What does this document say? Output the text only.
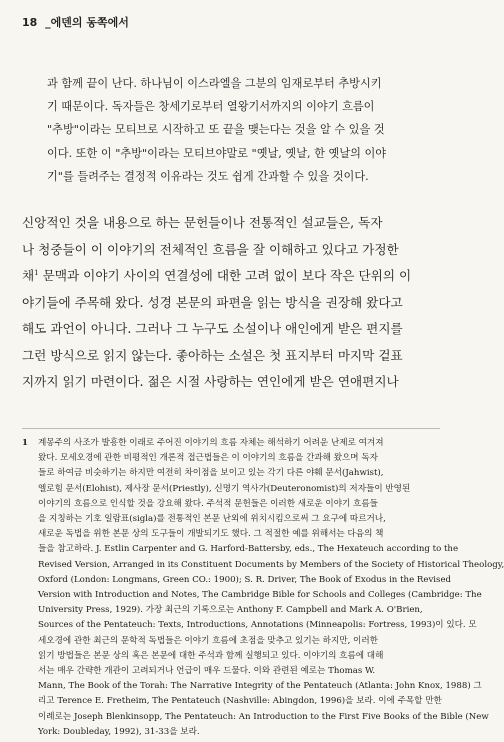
18 _에덴의 동쪽에서
과 함께 끝이 난다. 하나님이 이스라엘을 그분의 임재로부터 추방시키
기 때문이다. 독자들은 창세기로부터 열왕기서까지의 이야기 흐름이
"추방"이라는 모티브로 시작하고 또 끝을 맺는다는 것을 알 수 있을 것
이다. 또한 이 "추방"이라는 모티브야말로 "옛날, 옛날, 한 옛날의 이야
기"를 들려주는 결정적 이유라는 것도 쉽게 간과할 수 있을 것이다.
신앙적인 것을 내용으로 하는 문헌들이나 전통적인 설교들은, 독자
나 청중들이 이 이야기의 전체적인 흐름을 잘 이해하고 있다고 가정한
채$^1$ 문맥과 이야기 사이의 연결성에 대한 고려 없이 보다 작은 단위의 이
야기들에 주목해 왔다. 성경 본문의 파편을 읽는 방식을 권장해 왔다고
해도 과언이 아니다. 그러나 그 누구도 소설이나 애인에게 받은 편지를
그런 방식으로 읽지 않는다. 좋아하는 소설은 첫 표지부터 마지막 겉표
지까지 읽기 마련이다. 젊은 시절 사랑하는 연인에게 받은 연애편지나
1 계몽주의 사조가 발흥한 이래로 주어진 이야기의 흐름 자체는 해석하기 어려운 난제로 여겨져
왔다. 모세오경에 관한 비평적인 개론적 접근법들은 이 이야기의 흐름을 간과해 왔으며 독자
들로 하여금 비슷하기는 하지만 여전히 차이점을 보이고 있는 각기 다른 야훼 문서(Jahwist),
엘로힘 문서(Elohist), 제사장 문서(Priestly), 신명기 역사가(Deuteronomist)의 저자들이 반영된
이야기의 흐름으로 인식할 것을 강요해 왔다. 주석적 문헌들은 이러한 새로운 이야기 흐름들
을 지칭하는 기호 일람표(sigla)를 전통적인 본문 난외에 위치시킴으로써 그 요구에 따르거나,
새로운 독법을 위한 본문 상의 도구들이 개발되기도 했다. 그 적절한 예를 위해서는 다음의 책
들을 참고하라. J. Estlin Carpenter and G. Harford-Battersby, eds., The Hexateuch according to the
Revised Version, Arranged in its Constituent Documents by Members of the Society of Historical Theology,
Oxford (London: Longmans, Green CO.: 1900); S. R. Driver, The Book of Exodus in the Revised
Version with Introduction and Notes, The Cambridge Bible for Schools and Colleges (Cambridge: The
University Press, 1929). 가장 최근의 기록으로는 Anthony F. Campbell and Mark A. O'Brien,
Sources of the Pentateuch: Texts, Introductions, Annotations (Minneapolis: Fortress, 1993)이 있다. 모
세오경에 관한 최근의 문학적 독법들은 이야기 흐름에 초점을 맞추고 있기는 하지만, 이러한
읽기 방법들은 본문 상의 혹은 본문에 대한 주석과 함께 실행되고 있다. 이야기의 흐름에 대해
서는 매우 간략한 개관이 고려되거나 언급이 매우 드물다. 이와 관련된 예로는 Thomas W.
Mann, The Book of the Torah: The Narrative Integrity of the Pentateuch (Atlanta: John Knox, 1988) 그
리고 Terence E. Fretheim, The Pentateuch (Nashville: Abingdon, 1996)을 보라. 이에 주목할 만한
이례로는 Joseph Blenkinsopp, The Pentateuch: An Introduction to the First Five Books of the Bible (New
York: Doubleday, 1992), 31-33을 보라.
